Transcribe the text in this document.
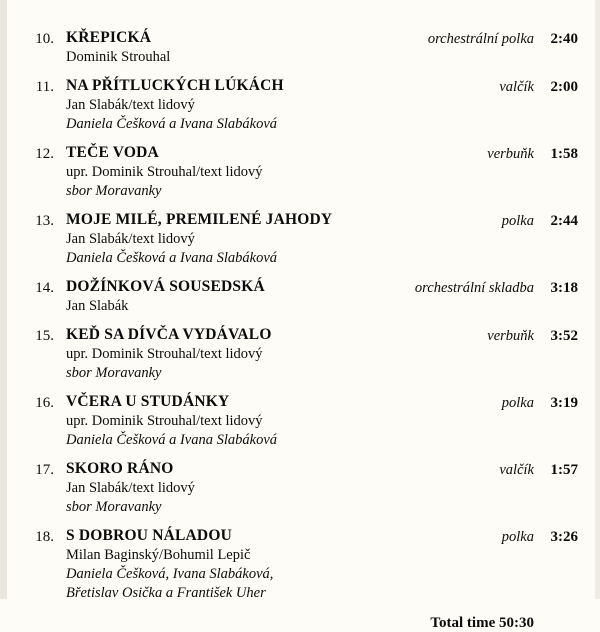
10. KŘEPICKÁ
Dominik Strouhal
orchestrální polka	2:40
11. NA PŘÍTLUCKÝCH LÚKÁCH
Jan Slabák/text lidový
Daniela Češková a Ivana Slabáková
valčík	2:00
12. TEČE VODA
upr. Dominik Strouhal/text lidový
sbor Moravanky
verbuňk	1:58
13. MOJE MILÉ, PREMILENÉ JAHODY
Jan Slabák/text lidový
Daniela Češková a Ivana Slabáková
polka	2:44
14. DOŽÍNKOVÁ SOUSEDSKÁ
Jan Slabák
orchestrální skladba	3:18
15. KEĎ SA DÍVČA VYDÁVALO
upr. Dominik Strouhal/text lidový
sbor Moravanky
verbuňk	3:52
16. VČERA U STUDÁNKY
upr. Dominik Strouhal/text lidový
Daniela Češková a Ivana Slabáková
polka	3:19
17. SKORO RÁNO
Jan Slabák/text lidový
sbor Moravanky
valčík	1:57
18. S DOBROU NÁLADOU
Milan Baginský/Bohumil Lepič
Daniela Češková, Ivana Slabáková,
Břetislav Osička a František Uher
polka	3:26
Total time 50:30
